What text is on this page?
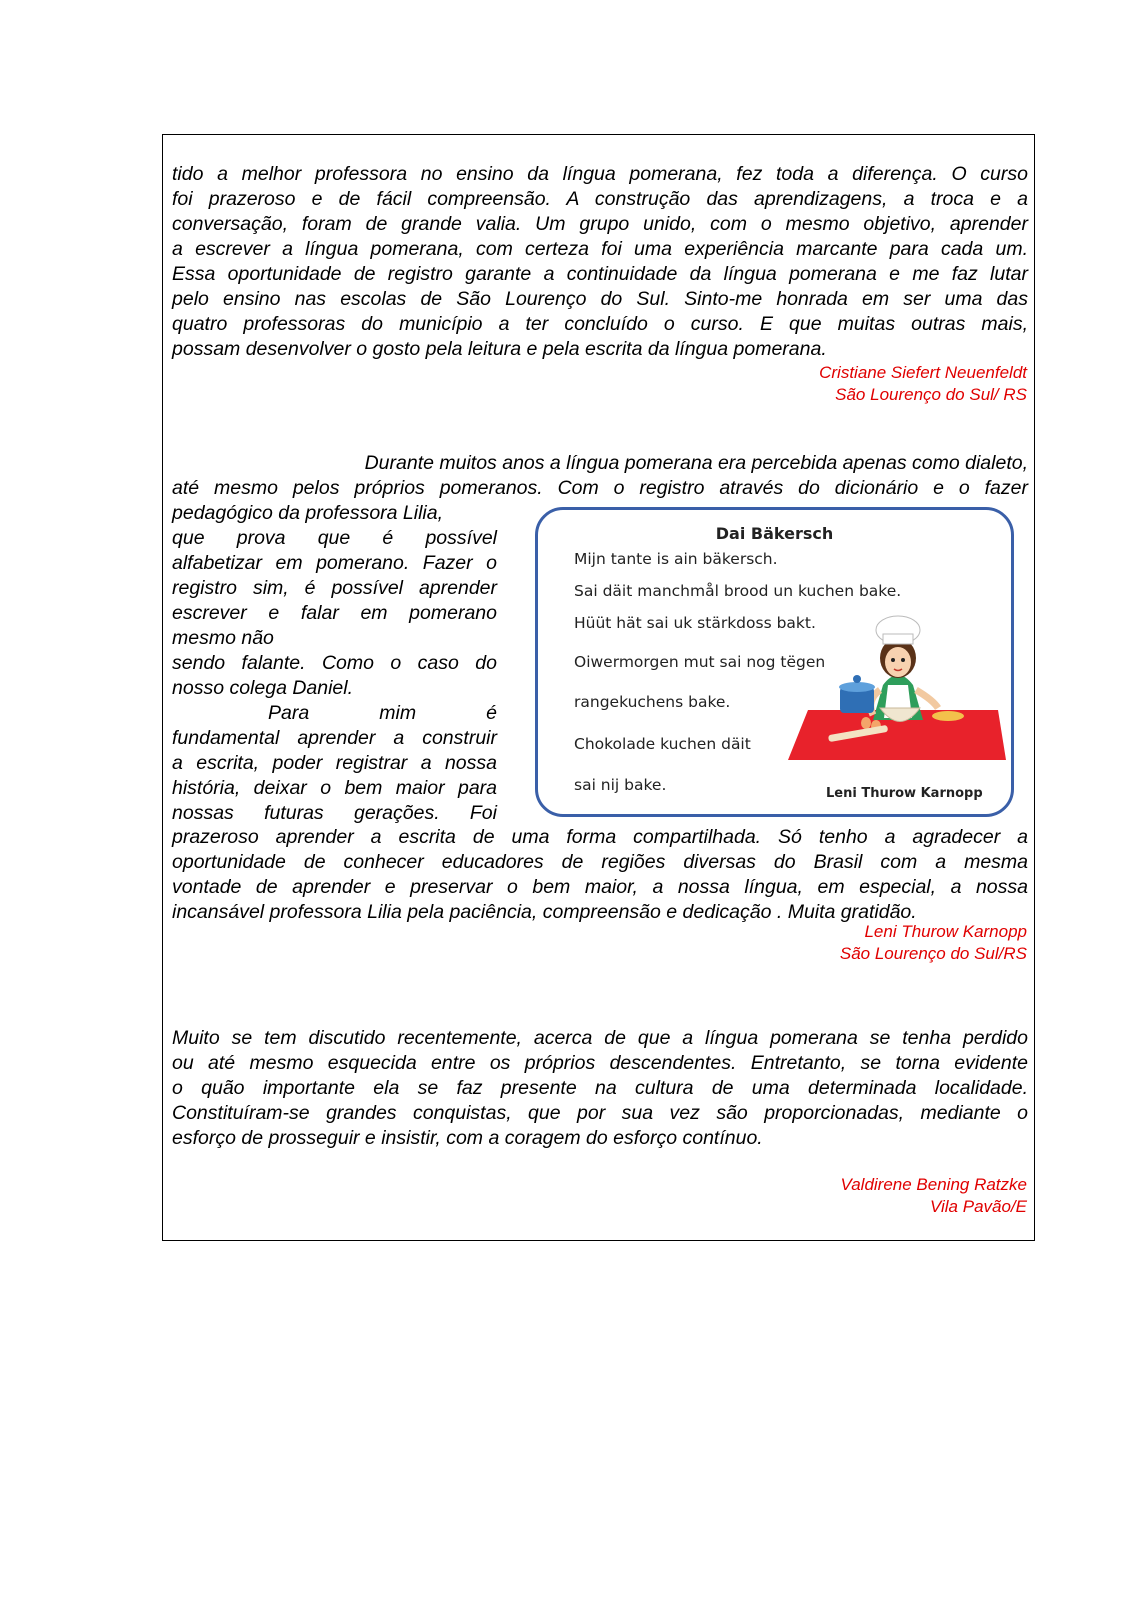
tido a melhor professora no ensino da língua pomerana, fez toda a diferença. O curso
foi prazeroso e de fácil compreensão. A construção das aprendizagens, a troca e a
conversação, foram de grande valia. Um grupo unido, com o mesmo objetivo, aprender
a escrever a língua pomerana, com certeza foi uma experiência marcante para cada um.
Essa oportunidade de registro garante a continuidade da língua pomerana e me faz lutar
pelo ensino nas escolas de São Lourenço do Sul. Sinto-me honrada em ser uma das
quatro professoras do município a ter concluído o curso. E que muitas outras mais,
possam desenvolver o gosto pela leitura e pela escrita da língua pomerana.
Cristiane Siefert Neuenfeldt
São Lourenço do Sul/ RS
Durante muitos anos a língua pomerana era percebida apenas como dialeto,
até mesmo pelos próprios pomeranos. Com o registro através do dicionário e o fazer
pedagógico da professora Lilia,
que prova que é possível
alfabetizar em pomerano. Fazer o
registro sim, é possível aprender
escrever e falar em pomerano
mesmo não
sendo falante. Como o caso do
nosso colega Daniel.
Para mim é
fundamental aprender a construir
a escrita, poder registrar a nossa
história, deixar o bem maior para
nossas futuras gerações. Foi
Dai Bäkersch
Mijn tante is ain bäkersch.
Sai däit manchmål brood un kuchen bake.
Hüüt hät sai uk stärkdoss bakt.
Oiwermorgen mut sai nog tëgen
rangekuchens bake.
Chokolade kuchen däit
sai nij bake.	Leni Thurow Karnopp
prazeroso aprender a escrita de uma forma compartilhada. Só tenho a agradecer a
oportunidade de conhecer educadores de regiões diversas do Brasil com a mesma
vontade de aprender e preservar o bem maior, a nossa língua, em especial, a nossa
incansável professora Lilia pela paciência, compreensão e dedicação . Muita gratidão.
Leni Thurow Karnopp
São Lourenço do Sul/RS
Muito se tem discutido recentemente, acerca de que a língua pomerana se tenha perdido
ou até mesmo esquecida entre os próprios descendentes. Entretanto, se torna evidente
o quão importante ela se faz presente na cultura de uma determinada localidade.
Constituíram-se grandes conquistas, que por sua vez são proporcionadas, mediante o
esforço de prosseguir e insistir, com a coragem do esforço contínuo.
Valdirene Bening Ratzke
Vila Pavão/E
